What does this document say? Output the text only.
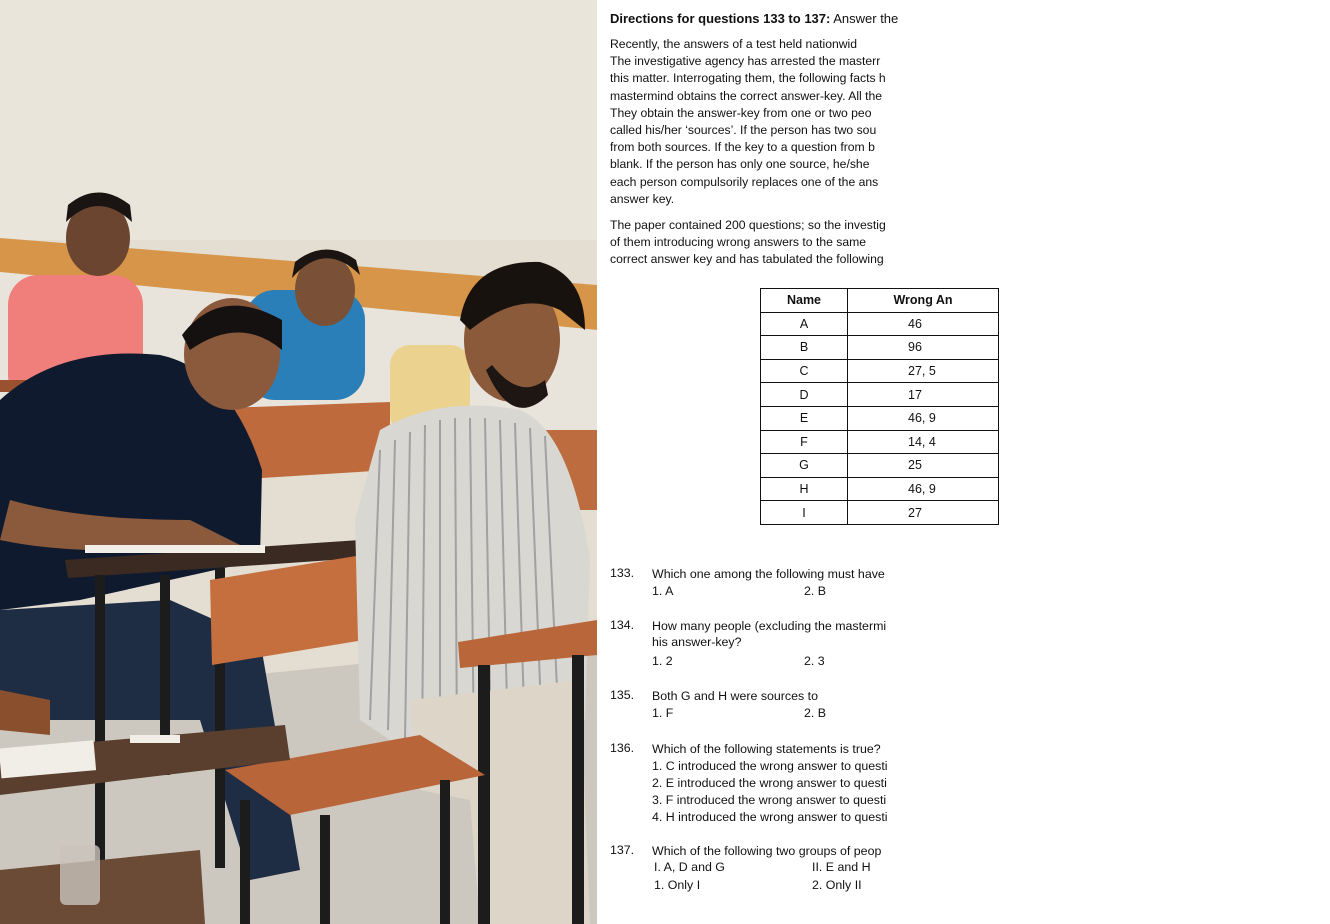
Directions for questions 133 to 137: Answer the

Recently, the answers of a test held nationwid
The investigative agency has arrested the masterr
this matter. Interrogating them, the following facts h
mastermind obtains the correct answer-key. All the
They obtain the answer-key from one or two peo
called his/her ‘sources’. If the person has two sou
from both sources. If the key to a question from b
blank. If the person has only one source, he/she
each person compulsorily replaces one of the ans
answer key.

The paper contained 200 questions; so the investig
of them introducing wrong answers to the same
correct answer key and has tabulated the following

Name	Wrong An
A	46
B	96
C	27, 5
D	17
E	46, 9
F	14, 4
G	25
H	46, 9
I	27
133. Which one among the following must have
1. A	2. B
134. How many people (excluding the mastermi
his answer-key?
1. 2	2. 3
135. Both G and H were sources to
1. F	2. B
136. Which of the following statements is true?
1. C introduced the wrong answer to questi
2. E introduced the wrong answer to questi
3. F introduced the wrong answer to questi
4. H introduced the wrong answer to questi
137. Which of the following two groups of peop
I. A, D and G	II. E and H
1. Only I	2. Only II
